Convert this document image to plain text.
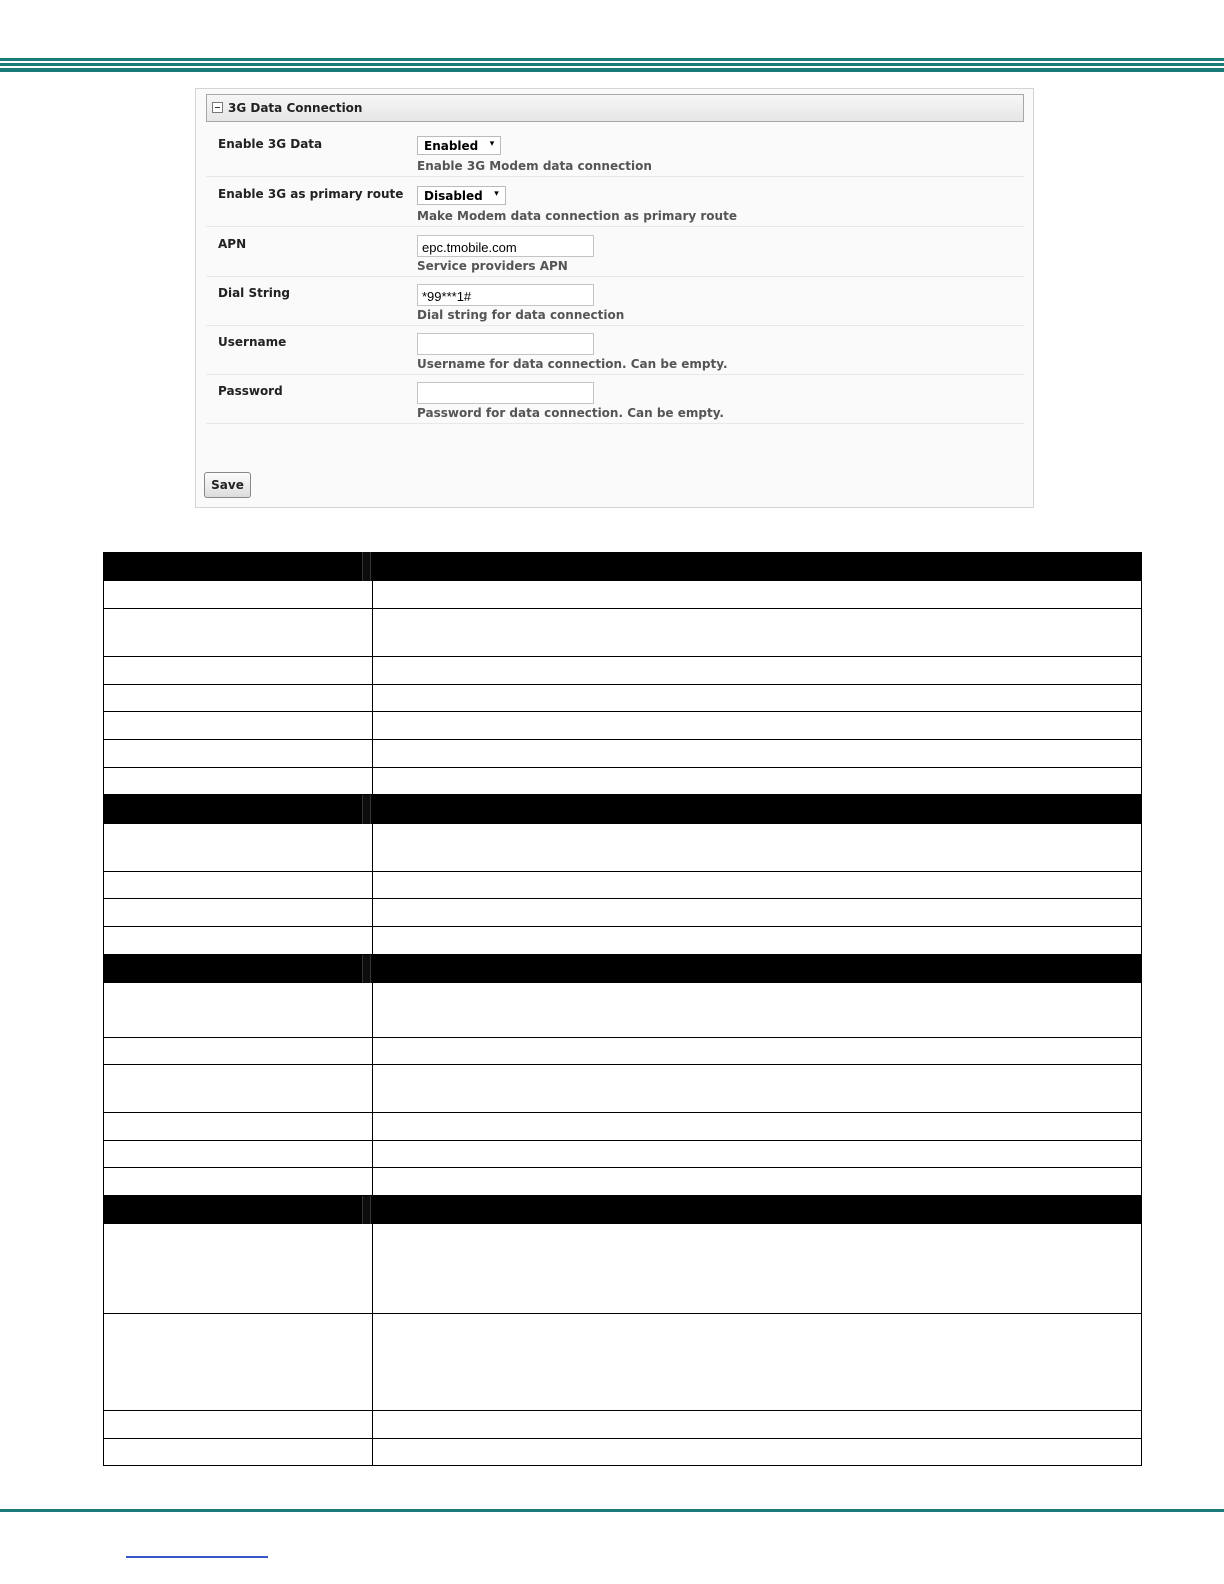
3G Data Connection
Enable 3G Data	Enabled ▾
Enable 3G Modem data connection
Enable 3G as primary route	Disabled ▾
Make Modem data connection as primary route
APN
epc.tmobile.com
Service providers APN
Dial String
*99***1#
Dial string for data connection
Username
Username for data connection. Can be empty.
Password
Password for data connection. Can be empty.
Save
